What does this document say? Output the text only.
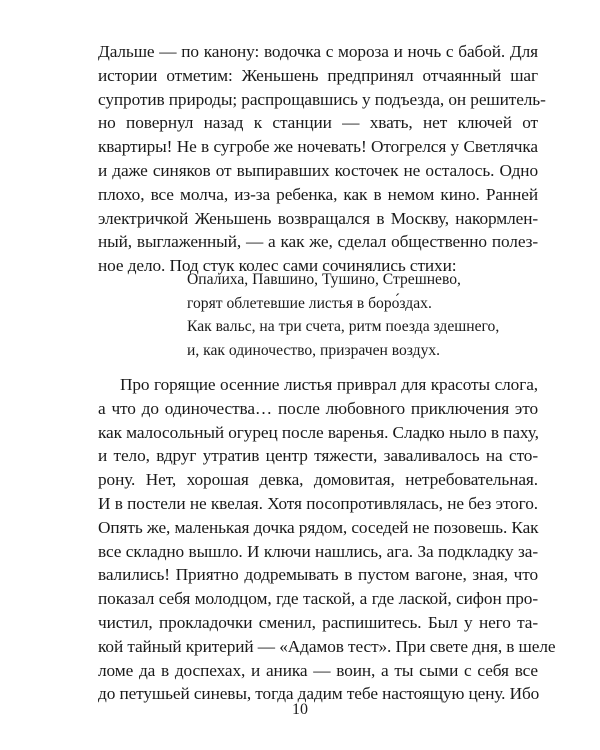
Дальше — по канону: водочка с мороза и ночь с бабой. Для
истории отметим: Женьшень предпринял отчаянный шаг
супротив природы; распрощавшись у подъезда, он решитель-
но повернул назад к станции — хвать, нет ключей от
квартиры! Не в сугробе же ночевать! Отогрелся у Светлячка
и даже синяков от выпиравших косточек не осталось. Одно
плохо, все молча, из-за ребенка, как в немом кино. Ранней
электричкой Женьшень возвращался в Москву, накормлен-
ный, выглаженный, — а как же, сделал общественно полез-
ное дело. Под стук колес сами сочинялись стихи:
Опалиха, Павшино, Тушино, Стрешнево,
горят облетевшие листья в боро́здах.
Как вальс, на три счета, ритм поезда здешнего,
и, как одиночество, призрачен воздух.
Про горящие осенние листья приврал для красоты слога,
а что до одиночества… после любовного приключения это
как малосольный огурец после варенья. Сладко ныло в паху,
и тело, вдруг утратив центр тяжести, заваливалось на сто-
рону. Нет, хорошая девка, домовитая, нетребовательная.
И в постели не квелая. Хотя посопротивлялась, не без этого.
Опять же, маленькая дочка рядом, соседей не позовешь. Как
все складно вышло. И ключи нашлись, ага. За подкладку за-
валились! Приятно додремывать в пустом вагоне, зная, что
показал себя молодцом, где таской, а где лаской, сифон про-
чистил, прокладочки сменил, распишитесь. Был у него та-
кой тайный критерий — «Адамов тест». При свете дня, в шеле
ломе да в доспехах, и аника — воин, а ты сыми с себя все
до петушьей синевы, тогда дадим тебе настоящую цену. Ибо
10
